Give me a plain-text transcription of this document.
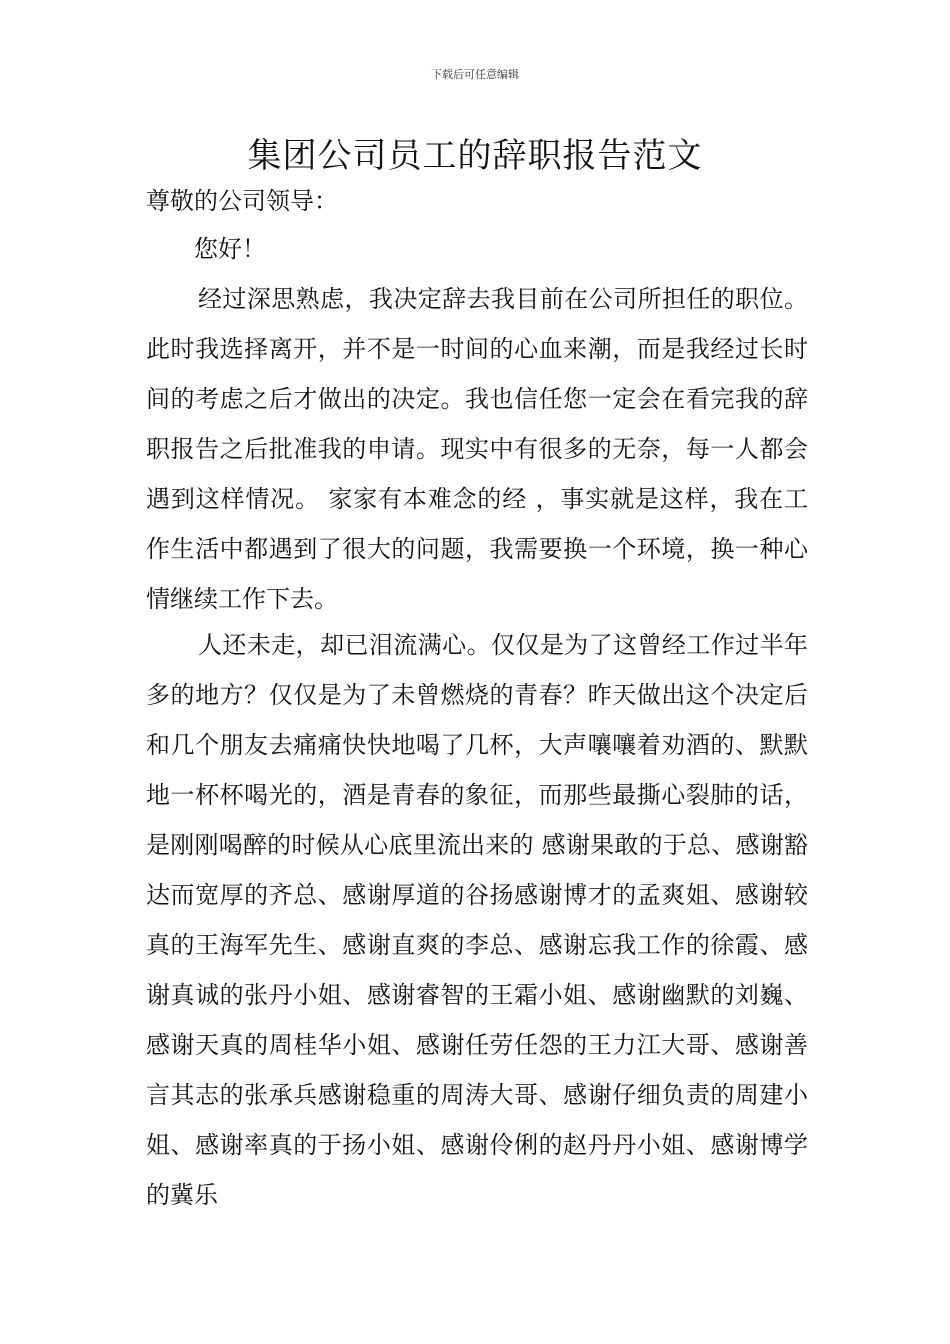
下载后可任意编辑
集团公司员工的辞职报告范文
尊敬的公司领导：
您好！

经过深思熟虑，我决定辞去我目前在公司所担任的职位。此时我选择离开，并不是一时间的心血来潮，而是我经过长时间的考虑之后才做出的决定。我也信任您一定会在看完我的辞职报告之后批准我的申请。现实中有很多的无奈，每一人都会遇到这样情况。 家家有本难念的经 ，事实就是这样，我在工作生活中都遇到了很大的问题，我需要换一个环境，换一种心情继续工作下去。

人还未走，却已泪流满心。仅仅是为了这曾经工作过半年多的地方？仅仅是为了未曾燃烧的青春？昨天做出这个决定后和几个朋友去痛痛快快地喝了几杯，大声嚷嚷着劝酒的、默默地一杯杯喝光的，酒是青春的象征，而那些最撕心裂肺的话，是刚刚喝醉的时候从心底里流出来的 感谢果敢的于总、感谢豁达而宽厚的齐总、感谢厚道的谷扬感谢博才的孟爽姐、感谢较真的王海军先生、感谢直爽的李总、感谢忘我工作的徐霞、感谢真诚的张丹小姐、感谢睿智的王霜小姐、感谢幽默的刘巍、感谢天真的周桂华小姐、感谢任劳任怨的王力江大哥、感谢善言其志的张承兵感谢稳重的周涛大哥、感谢仔细负责的周建小姐、感谢率真的于扬小姐、感谢伶俐的赵丹丹小姐、感谢博学的冀乐
